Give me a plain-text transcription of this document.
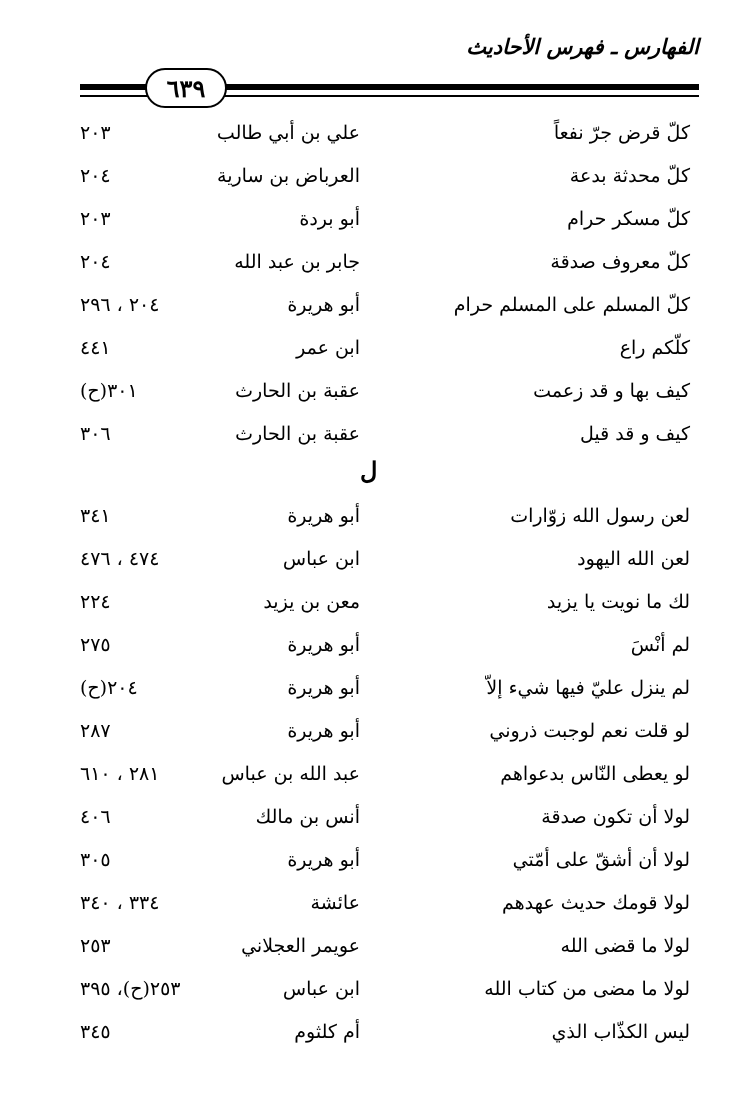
الفهارس ـ فهرس الأحاديث
٦٣٩
كلّ قرض جرّ نفعاً
علي بن أبي طالب
٢٠٣
كلّ محدثة بدعة
العرباض بن سارية
٢٠٤
كلّ مسكر حرام
أبو بردة
٢٠٣
كلّ معروف صدقة
جابر بن عبد الله
٢٠٤
كلّ المسلم على المسلم حرام
أبو هريرة
٢٠٤ ، ٢٩٦
كلّكم راع
ابن عمر
٤٤١
كيف بها و قد زعمت
عقبة بن الحارث
٣٠١(ح)
كيف و قد قيل
عقبة بن الحارث
٣٠٦
ل
لعن رسول الله زوّارات
أبو هريرة
٣٤١
لعن الله اليهود
ابن عباس
٤٧٤ ، ٤٧٦
لك ما نويت يا يزيد
معن بن يزيد
٢٢٤
لم أنْسَ
أبو هريرة
٢٧٥
لم ينزل عليّ فيها شيء إلاّ
أبو هريرة
٢٠٤(ح)
لو قلت نعم لوجبت ذروني
أبو هريرة
٢٨٧
لو يعطى النّاس بدعواهم
عبد الله بن عباس
٢٨١ ، ٦١٠
لولا أن تكون صدقة
أنس بن مالك
٤٠٦
لولا أن أشقّ على أمّتي
أبو هريرة
٣٠٥
لولا قومك حديث عهدهم
عائشة
٣٣٤ ، ٣٤٠
لولا ما قضى الله
عويمر العجلاني
٢٥٣
لولا ما مضى من كتاب الله
ابن عباس
٢٥٣(ح)، ٣٩٥
ليس الكذّاب الذي
أم كلثوم
٣٤٥
